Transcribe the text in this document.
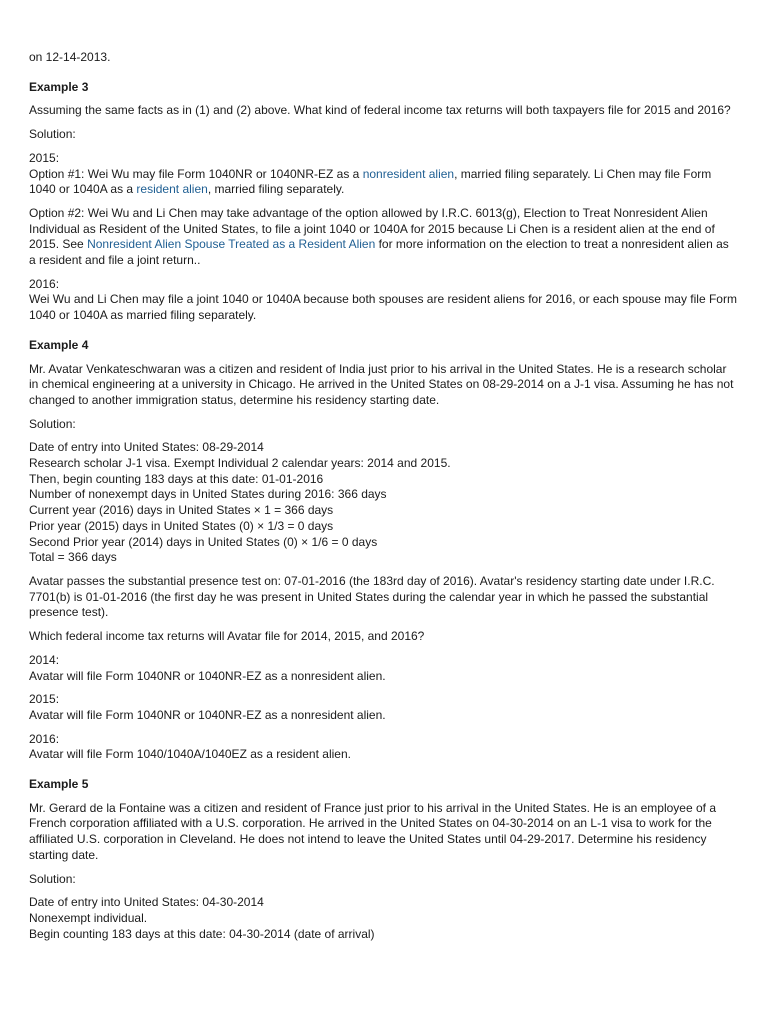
on 12-14-2013.

Example 3

Assuming the same facts as in (1) and (2) above. What kind of federal income tax returns will both taxpayers file for 2015 and 2016?

Solution:

2015:
Option #1: Wei Wu may file Form 1040NR or 1040NR-EZ as a nonresident alien, married filing separately. Li Chen may file Form 1040 or 1040A as a resident alien, married filing separately.

Option #2: Wei Wu and Li Chen may take advantage of the option allowed by I.R.C. 6013(g), Election to Treat Nonresident Alien Individual as Resident of the United States, to file a joint 1040 or 1040A for 2015 because Li Chen is a resident alien at the end of 2015. See Nonresident Alien Spouse Treated as a Resident Alien for more information on the election to treat a nonresident alien as a resident and file a joint return..

2016:
Wei Wu and Li Chen may file a joint 1040 or 1040A because both spouses are resident aliens for 2016, or each spouse may file Form 1040 or 1040A as married filing separately.

Example 4

Mr. Avatar Venkateschwaran was a citizen and resident of India just prior to his arrival in the United States. He is a research scholar in chemical engineering at a university in Chicago. He arrived in the United States on 08-29-2014 on a J-1 visa. Assuming he has not changed to another immigration status, determine his residency starting date.

Solution:

Date of entry into United States: 08-29-2014
Research scholar J-1 visa. Exempt Individual 2 calendar years: 2014 and 2015.
Then, begin counting 183 days at this date: 01-01-2016
Number of nonexempt days in United States during 2016: 366 days
Current year (2016) days in United States × 1 = 366 days
Prior year (2015) days in United States (0) × 1/3 = 0 days
Second Prior year (2014) days in United States (0) × 1/6 = 0 days
Total = 366 days

Avatar passes the substantial presence test on: 07-01-2016 (the 183rd day of 2016). Avatar's residency starting date under I.R.C. 7701(b) is 01-01-2016 (the first day he was present in United States during the calendar year in which he passed the substantial presence test).

Which federal income tax returns will Avatar file for 2014, 2015, and 2016?

2014:
Avatar will file Form 1040NR or 1040NR-EZ as a nonresident alien.

2015:
Avatar will file Form 1040NR or 1040NR-EZ as a nonresident alien.

2016:
Avatar will file Form 1040/1040A/1040EZ as a resident alien.

Example 5

Mr. Gerard de la Fontaine was a citizen and resident of France just prior to his arrival in the United States. He is an employee of a French corporation affiliated with a U.S. corporation. He arrived in the United States on 04-30-2014 on an L-1 visa to work for the affiliated U.S. corporation in Cleveland. He does not intend to leave the United States until 04-29-2017. Determine his residency starting date.

Solution:

Date of entry into United States: 04-30-2014
Nonexempt individual.
Begin counting 183 days at this date: 04-30-2014 (date of arrival)
